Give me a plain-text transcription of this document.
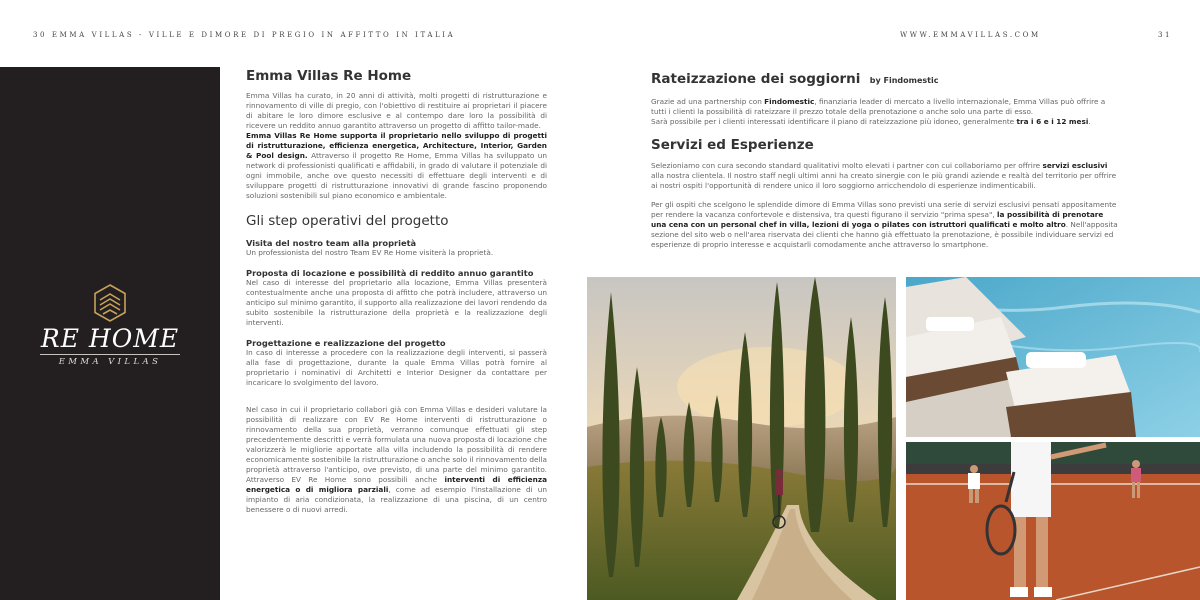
30 EMMA VILLAS - VILLE E DIMORE DI PREGIO IN AFFITTO IN ITALIA	WWW.EMMAVILLAS.COM	31
RE HOME
EMMA VILLAS
Emma Villas Re Home

Emma Villas ha curato, in 20 anni di attività, molti progetti di ristrutturazione e rinnovamento di ville di pregio, con l'obiettivo di restituire ai proprietari il piacere di abitare le loro dimore esclusive e al contempo dare loro la possibilità di ricevere un reddito annuo garantito attraverso un progetto di affitto tailor-made.

Emma Villas Re Home supporta il proprietario nello sviluppo di progetti di ristrutturazione, efficienza energetica, Architecture, Interior, Garden & Pool design. Attraverso il progetto Re Home, Emma Villas ha sviluppato un network di professionisti qualificati e affidabili, in grado di valutare il potenziale di ogni immobile, anche ove questo necessiti di effettuare degli interventi e di sviluppare progetti di ristrutturazione innovativi di grande fascino proponendo soluzioni sostenibili sul piano economico e ambientale.

Gli step operativi del progetto
Visita del nostro team alla proprietà

Un professionista del nostro Team EV Re Home visiterà la proprietà.

Proposta di locazione e possibilità di reddito annuo garantito

Nel caso di interesse del proprietario alla locazione, Emma Villas presenterà contestualmente anche una proposta di affitto che potrà includere, attraverso un anticipo sul minimo garantito, il supporto alla realizzazione dei lavori rendendo da subito sostenibile la ristrutturazione della proprietà e la realizzazione degli interventi.

Progettazione e realizzazione del progetto

In caso di interesse a procedere con la realizzazione degli interventi, si passerà alla fase di progettazione, durante la quale Emma Villas potrà fornire al proprietario i nominativi di Architetti e Interior Designer da contattare per incaricare lo svolgimento del lavoro.

Nel caso in cui il proprietario collabori già con Emma Villas e desideri valutare la possibilità di realizzare con EV Re Home interventi di ristrutturazione o rinnovamento della sua proprietà, verranno comunque effettuati gli step precedentemente descritti e verrà formulata una nuova proposta di locazione che valorizzerà le migliorie apportate alla villa includendo la possibilità di rendere economicamente sostenibile la ristrutturazione o anche solo il rinnovamento della proprietà attraverso l'anticipo, ove previsto, di una parte del minimo garantito. Attraverso EV Re Home sono possibili anche interventi di efficienza energetica o di migliora parziali, come ad esempio l'installazione di un impianto di aria condizionata, la realizzazione di una piscina, di un centro benessere o di nuovi arredi.

Rateizzazione dei soggiorni by Findomestic

Grazie ad una partnership con Findomestic, finanziaria leader di mercato a livello internazionale, Emma Villas può offrire a tutti i clienti la possibilità di rateizzare il prezzo totale della prenotazione o anche solo una parte di esso.

Sarà possibile per i clienti interessati identificare il piano di rateizzazione più idoneo, generalmente tra i 6 e i 12 mesi.

Servizi ed Esperienze

Selezioniamo con cura secondo standard qualitativi molto elevati i partner con cui collaboriamo per offrire servizi esclusivi alla nostra clientela. Il nostro staff negli ultimi anni ha creato sinergie con le più grandi aziende e realtà del territorio per offrire ai nostri ospiti l'opportunità di rendere unico il loro soggiorno arricchendolo di esperienze indimenticabili.

Per gli ospiti che scelgono le splendide dimore di Emma Villas sono previsti una serie di servizi esclusivi pensati appositamente per rendere la vacanza confortevole e distensiva, tra questi figurano il servizio "prima spesa", la possibilità di prenotare una cena con un personal chef in villa, lezioni di yoga o pilates con istruttori qualificati e molto altro. Nell'apposita sezione del sito web o nell'area riservata dei clienti che hanno già effettuato la prenotazione, è possibile individuare servizi ed esperienze di proprio interesse e acquistarli comodamente anche attraverso lo smartphone.
